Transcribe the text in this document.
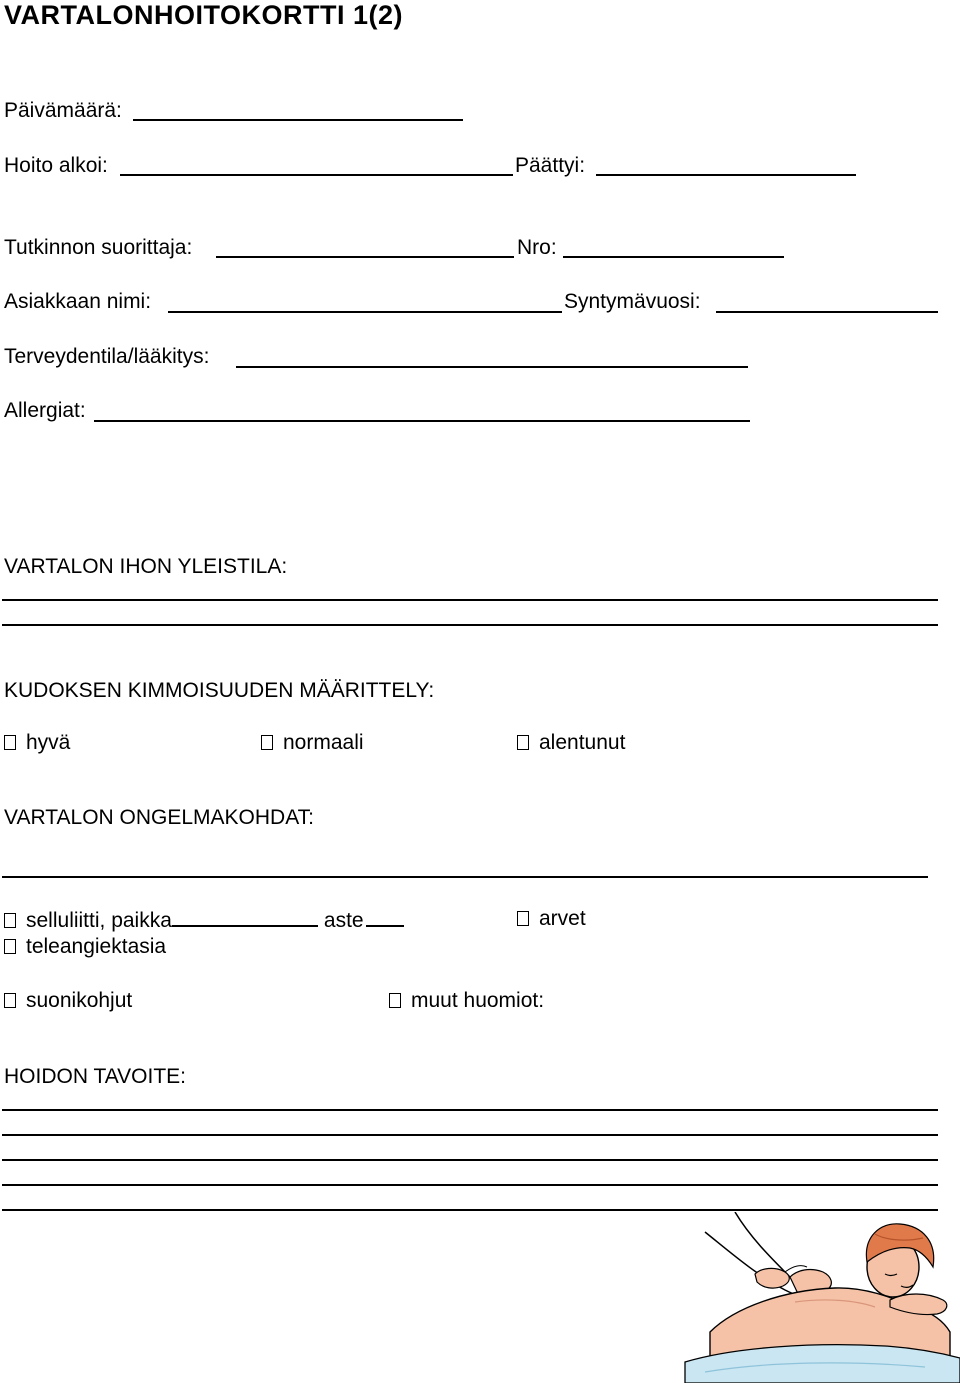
VARTALONHOITOKORTTI 1(2)
Päivämäärä:
Hoito alkoi:	Päättyi:
Tutkinnon suorittaja:	Nro:
Asiakkaan nimi:	Syntymävuosi:
Terveydentila/lääkitys:
Allergiat:
VARTALON IHON YLEISTILA:
KUDOKSEN KIMMOISUUDEN MÄÄRITTELY:
hyvä	normaali	alentunut
VARTALON ONGELMAKOHDAT:
selluliitti, paikka	aste	arvet
teleangiektasia
suonikohjut	muut huomiot:
HOIDON TAVOITE:
